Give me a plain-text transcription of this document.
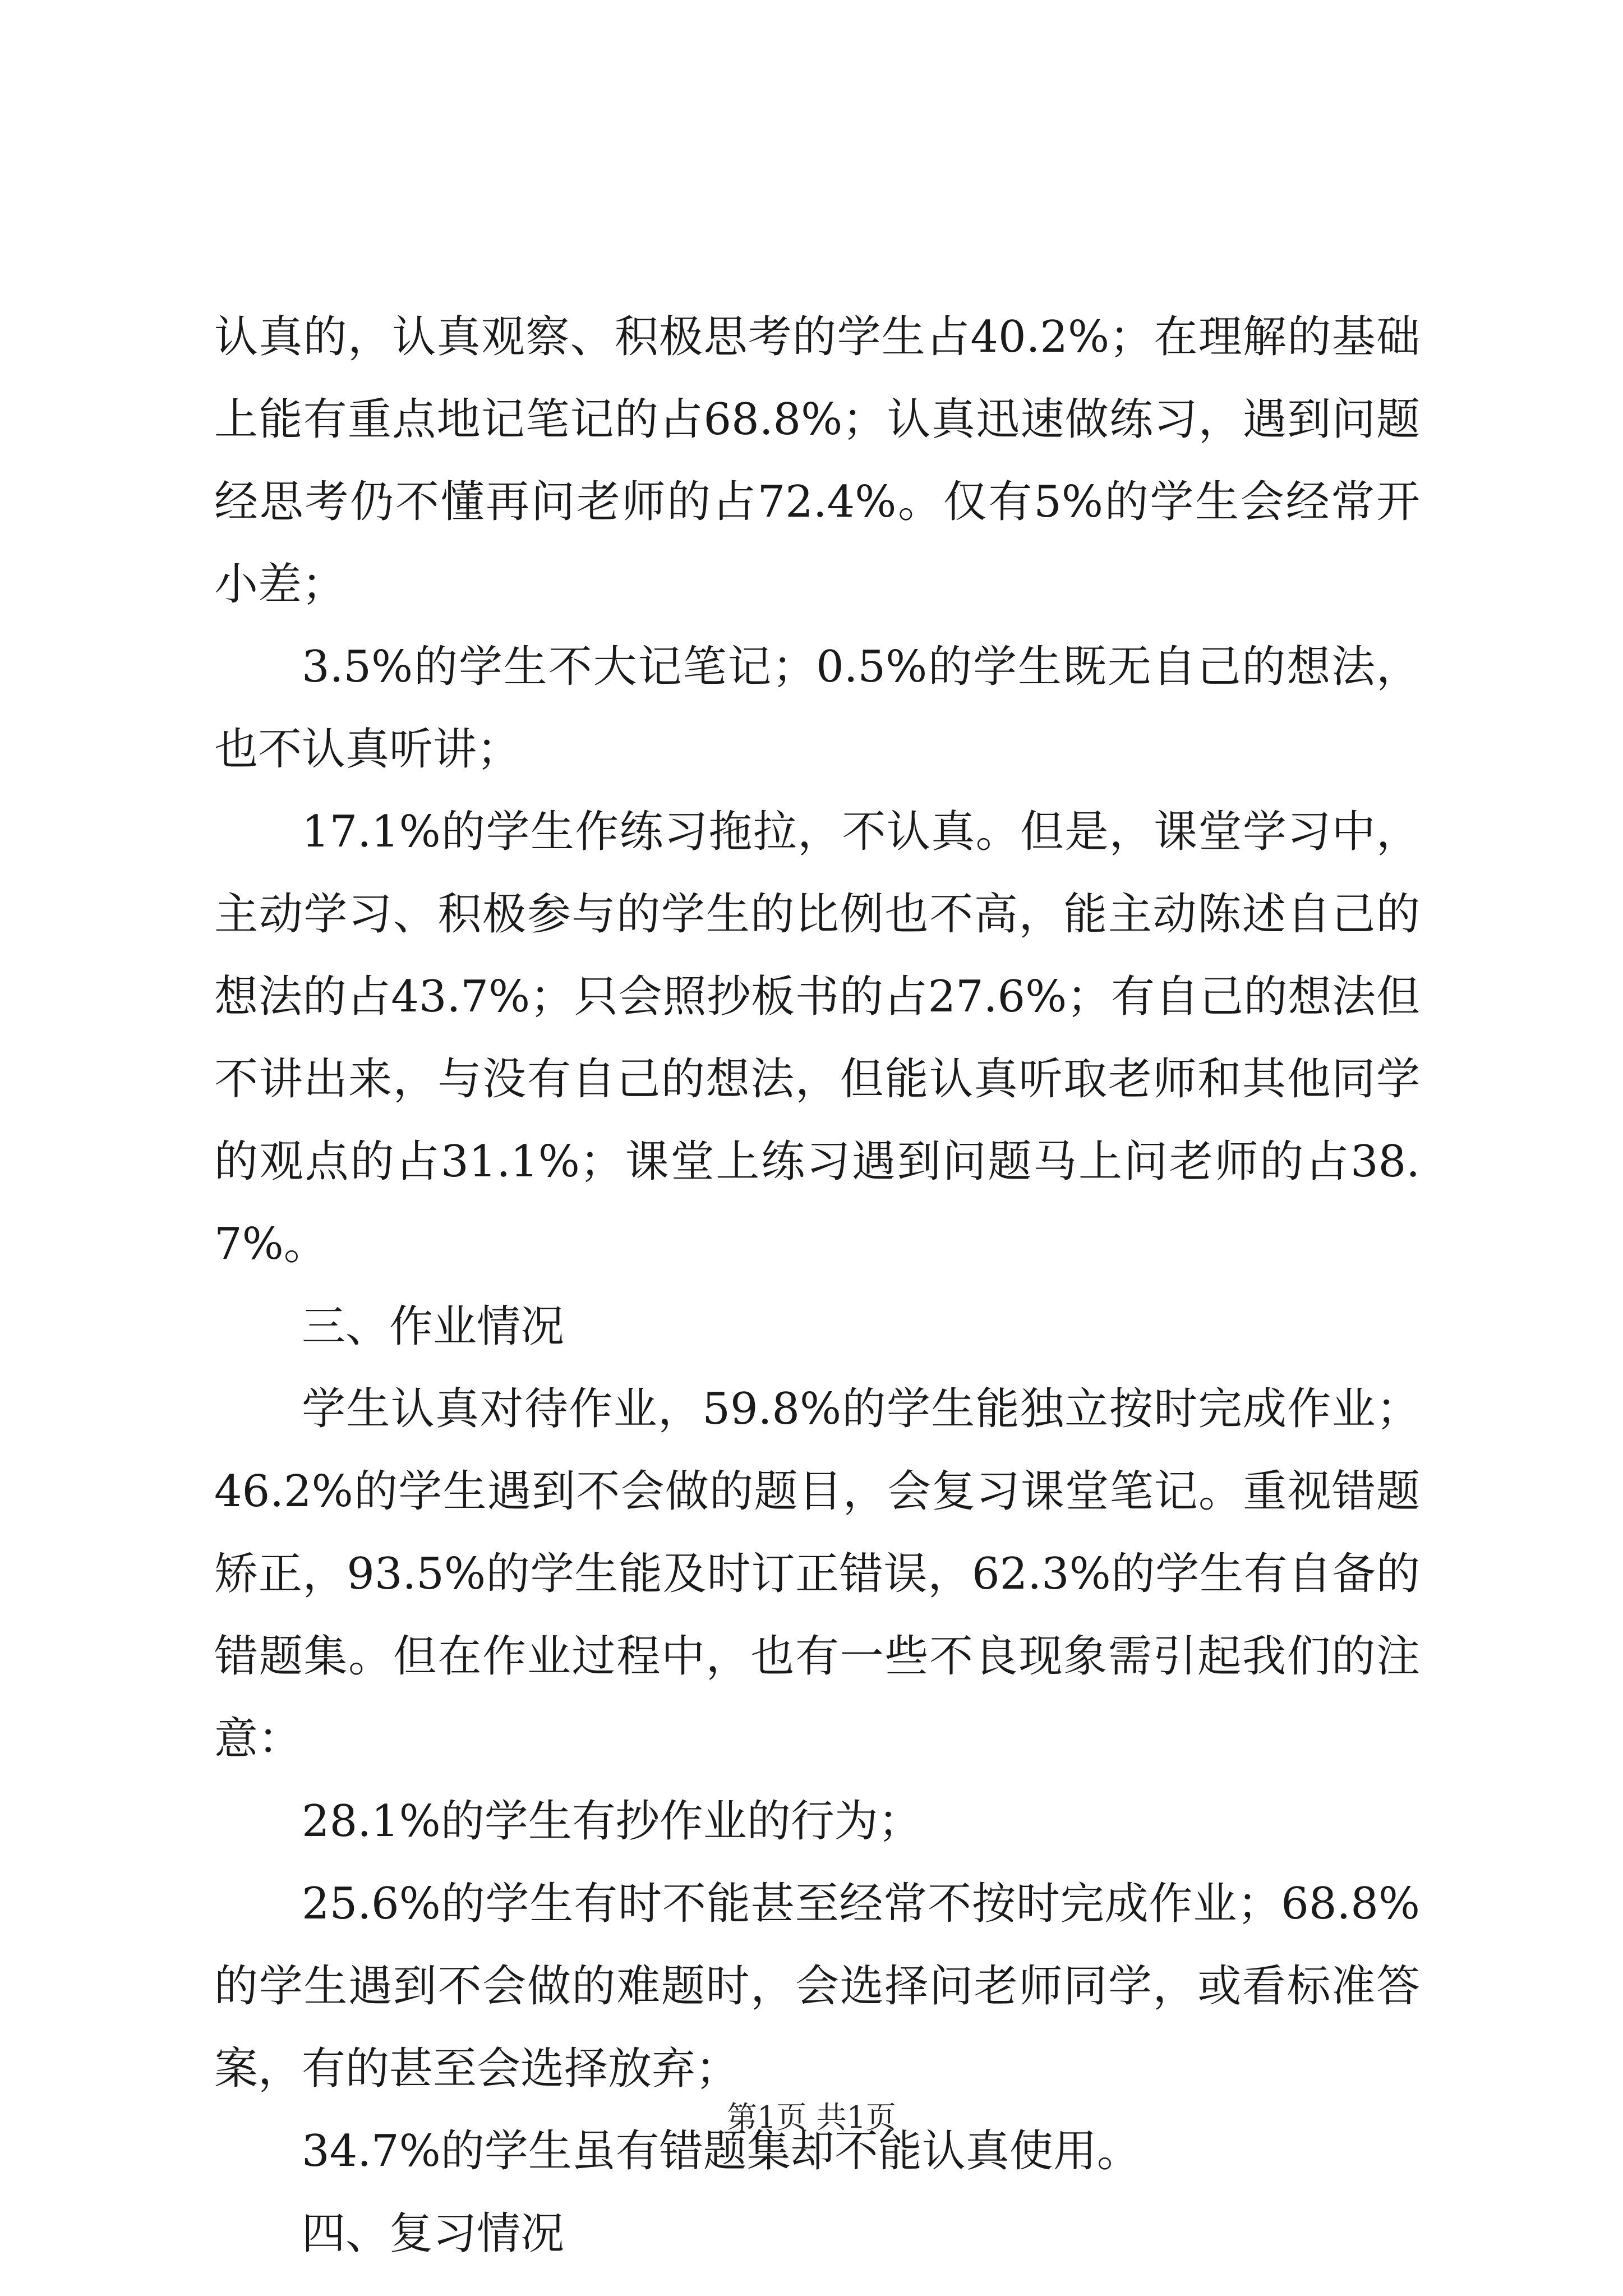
认真的，认真观察、积极思考的学生占40.2%；在理解的基础上能有重点地记笔记的占68.8%；认真迅速做练习，遇到问题经思考仍不懂再问老师的占72.4%。仅有5%的学生会经常开小差；

3.5%的学生不大记笔记；0.5%的学生既无自己的想法，也不认真听讲；

17.1%的学生作练习拖拉，不认真。但是，课堂学习中，主动学习、积极参与的学生的比例也不高，能主动陈述自己的想法的占43.7%；只会照抄板书的占27.6%；有自己的想法但不讲出来，与没有自己的想法，但能认真听取老师和其他同学的观点的占31.1%；课堂上练习遇到问题马上问老师的占38.7%。

三、作业情况

学生认真对待作业，59.8%的学生能独立按时完成作业；46.2%的学生遇到不会做的题目，会复习课堂笔记。重视错题矫正，93.5%的学生能及时订正错误，62.3%的学生有自备的错题集。但在作业过程中，也有一些不良现象需引起我们的注意：

28.1%的学生有抄作业的行为；

25.6%的学生有时不能甚至经常不按时完成作业；68.8%的学生遇到不会做的难题时，会选择问老师同学，或看标准答案，有的甚至会选择放弃；

34.7%的学生虽有错题集却不能认真使用。

四、复习情况

第1页 共1页
